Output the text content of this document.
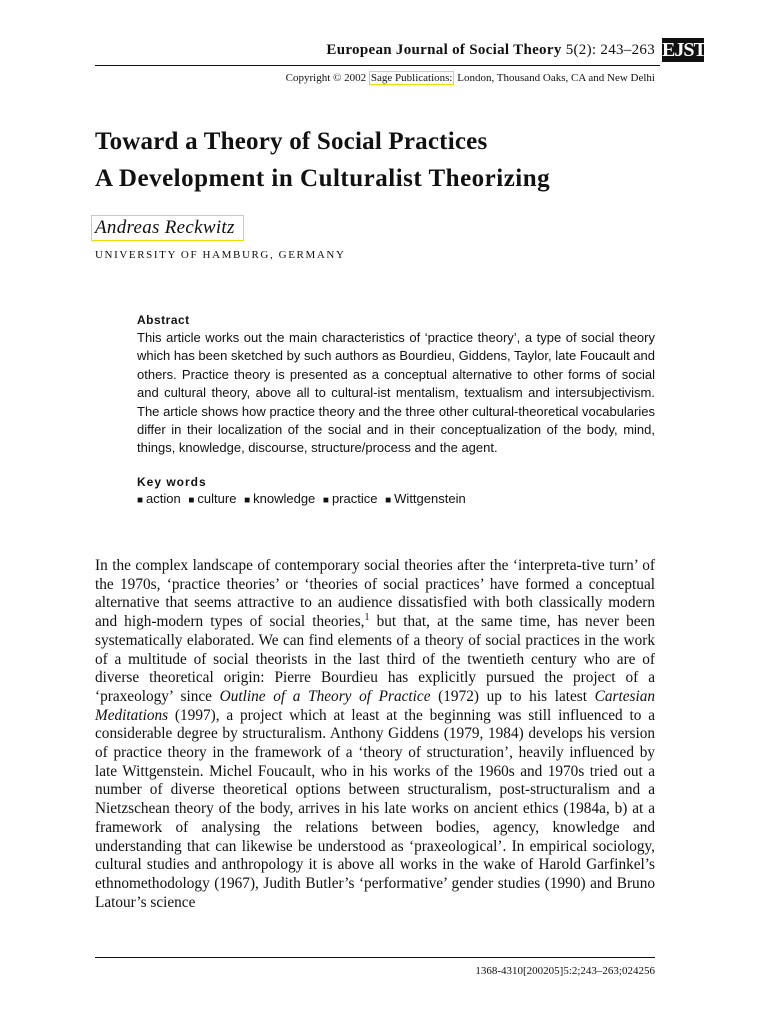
European Journal of Social Theory 5(2): 243–263 EJST
Copyright © 2002 Sage Publications: London, Thousand Oaks, CA and New Delhi
Toward a Theory of Social Practices
A Development in Culturalist Theorizing
Andreas Reckwitz
UNIVERSITY OF HAMBURG, GERMANY
Abstract

This article works out the main characteristics of ‘practice theory’, a type of social theory which has been sketched by such authors as Bourdieu, Giddens, Taylor, late Foucault and others. Practice theory is presented as a conceptual alternative to other forms of social and cultural theory, above all to cultural-ist mentalism, textualism and intersubjectivism. The article shows how practice theory and the three other cultural-theoretical vocabularies differ in their localization of the social and in their conceptualization of the body, mind, things, knowledge, discourse, structure/process and the agent.

Key words
■ action ■ culture ■ knowledge ■ practice ■ Wittgenstein

In the complex landscape of contemporary social theories after the ‘interpreta-tive turn’ of the 1970s, ‘practice theories’ or ‘theories of social practices’ have formed a conceptual alternative that seems attractive to an audience dissatisfied with both classically modern and high-modern types of social theories,$^1$ but that, at the same time, has never been systematically elaborated. We can find elements of a theory of social practices in the work of a multitude of social theorists in the last third of the twentieth century who are of diverse theoretical origin: Pierre Bourdieu has explicitly pursued the project of a ‘praxeology’ since Outline of a Theory of Practice (1972) up to his latest Cartesian Meditations (1997), a project which at least at the beginning was still influenced to a considerable degree by structuralism. Anthony Giddens (1979, 1984) develops his version of practice theory in the framework of a ‘theory of structuration’, heavily influenced by late Wittgenstein. Michel Foucault, who in his works of the 1960s and 1970s tried out a number of diverse theoretical options between structuralism, post-structuralism and a Nietzschean theory of the body, arrives in his late works on ancient ethics (1984a, b) at a framework of analysing the relations between bodies, agency, knowledge and understanding that can likewise be understood as ‘praxeological’. In empirical sociology, cultural studies and anthropology it is above all works in the wake of Harold Garfinkel’s ethnomethodology (1967), Judith Butler’s ‘performative’ gender studies (1990) and Bruno Latour’s science

1368-4310[200205]5:2;243–263;024256
